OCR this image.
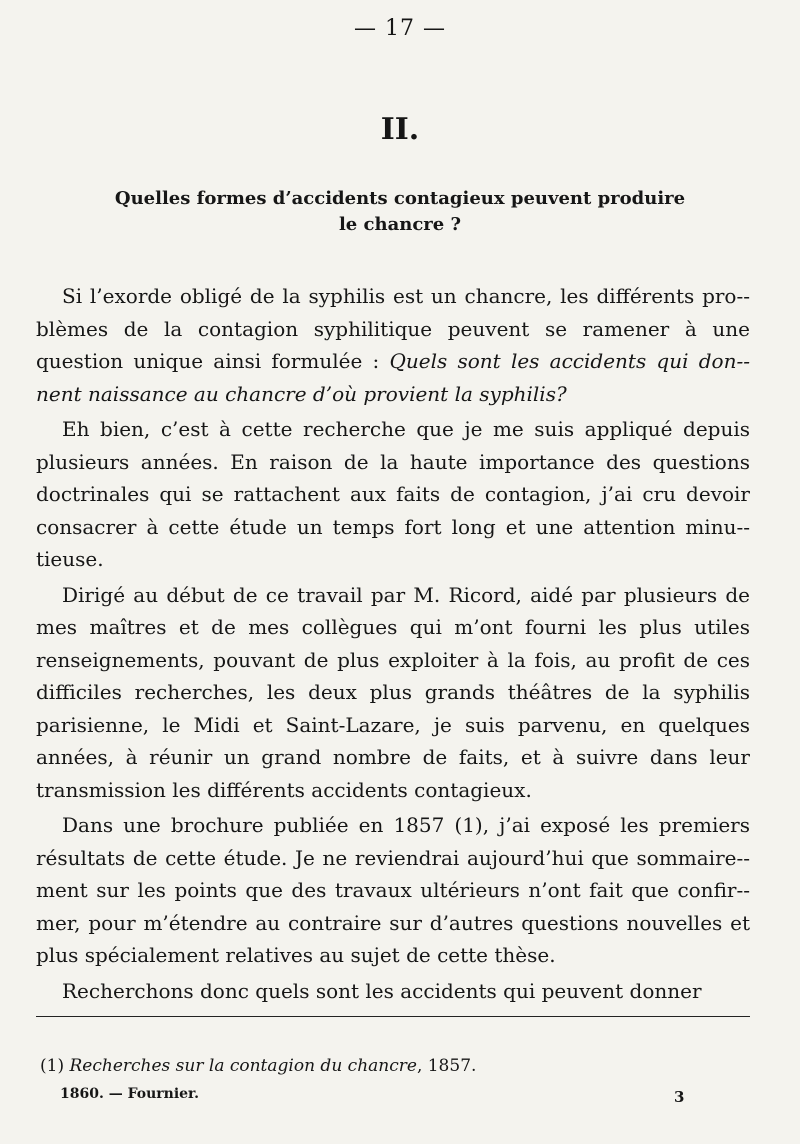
— 17 —
II.
Quelles formes d’accidents contagieux peuvent produire
le chancre ?

Si l’exorde obligé de la syphilis est un chancre, les différents pro-blèmes de la contagion syphilitique peuvent se ramener à une question unique ainsi formulée : Quels sont les accidents qui don-nent naissance au chancre d’où provient la syphilis?

Eh bien, c’est à cette recherche que je me suis appliqué depuis plusieurs années. En raison de la haute importance des questions doctrinales qui se rattachent aux faits de contagion, j’ai cru devoir consacrer à cette étude un temps fort long et une attention minu-tieuse.

Dirigé au début de ce travail par M. Ricord, aidé par plusieurs de mes maîtres et de mes collègues qui m’ont fourni les plus utiles renseignements, pouvant de plus exploiter à la fois, au profit de ces difficiles recherches, les deux plus grands théâtres de la syphilis parisienne, le Midi et Saint-Lazare, je suis parvenu, en quelques années, à réunir un grand nombre de faits, et à suivre dans leur transmission les différents accidents contagieux.

Dans une brochure publiée en 1857 (1), j’ai exposé les premiers résultats de cette étude. Je ne reviendrai aujourd’hui que sommaire-ment sur les points que des travaux ultérieurs n’ont fait que confir-mer, pour m’étendre au contraire sur d’autres questions nouvelles et plus spécialement relatives au sujet de cette thèse.

Recherchons donc quels sont les accidents qui peuvent donner

(1) Recherches sur la contagion du chancre, 1857.
1860. — Fournier.	3
